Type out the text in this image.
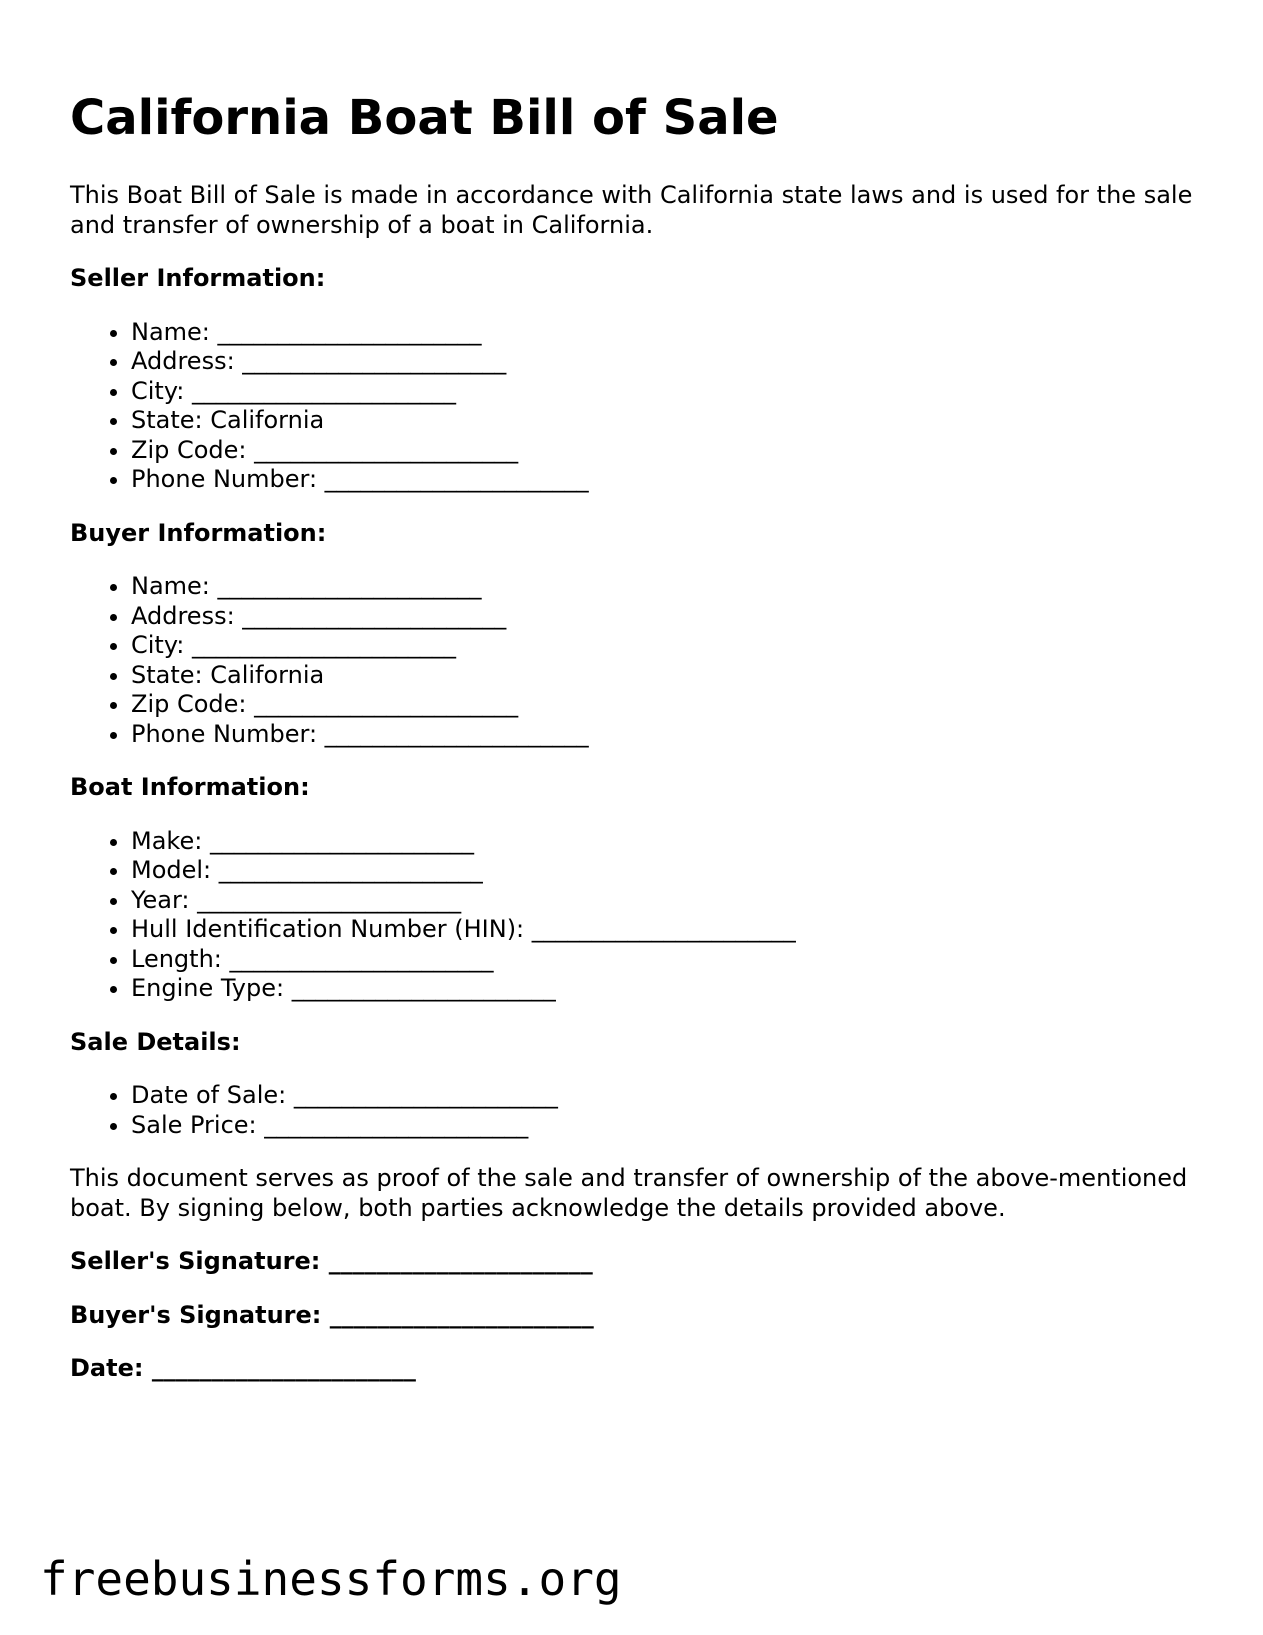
California Boat Bill of Sale

This Boat Bill of Sale is made in accordance with California state laws and is used for the sale and transfer of ownership of a boat in California.

Seller Information:
• Name: ______________________
• Address: ______________________
• City: ______________________
• State: California
• Zip Code: ______________________
• Phone Number: ______________________
Buyer Information:
• Name: ______________________
• Address: ______________________
• City: ______________________
• State: California
• Zip Code: ______________________
• Phone Number: ______________________
Boat Information:
• Make: ______________________
• Model: ______________________
• Year: ______________________
• Hull Identification Number (HIN): ______________________
• Length: ______________________
• Engine Type: ______________________
Sale Details:
• Date of Sale: ______________________
• Sale Price: ______________________

This document serves as proof of the sale and transfer of ownership of the above-mentioned boat. By signing below, both parties acknowledge the details provided above.

Seller's Signature: ______________________
Buyer's Signature: ______________________
Date: ______________________
freebusinessforms.org
